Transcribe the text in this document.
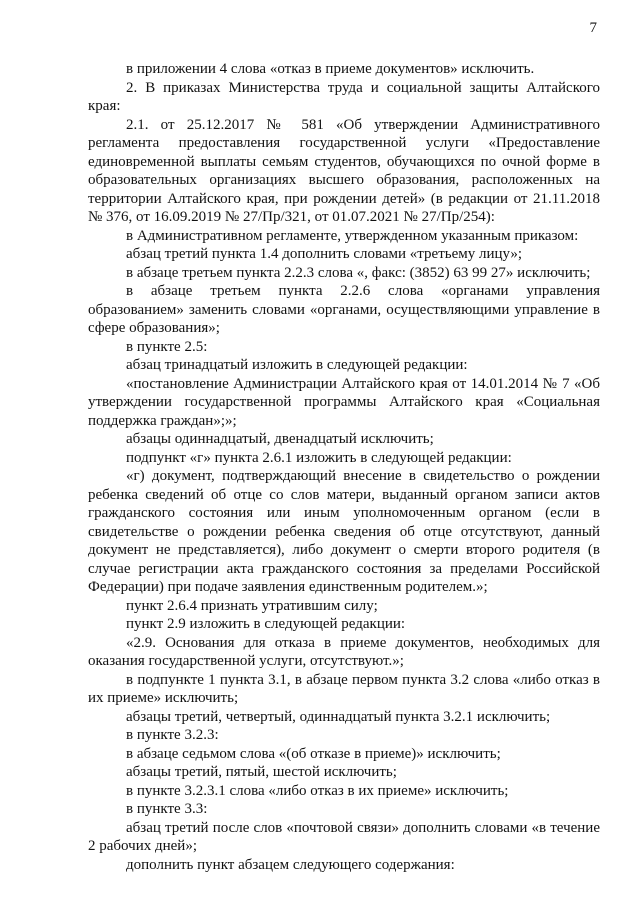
7

в приложении 4 слова «отказ в приеме документов» исключить.

2. В приказах Министерства труда и социальной защиты Алтайского края:

2.1. от 25.12.2017 № 581 «Об утверждении Административного регламента предоставления государственной услуги «Предоставление единовременной выплаты семьям студентов, обучающихся по очной форме в образовательных организациях высшего образования, расположенных на территории Алтайского края, при рождении детей» (в редакции от 21.11.2018 № 376, от 16.09.2019 № 27/Пр/321, от 01.07.2021 № 27/Пр/254):

в Административном регламенте, утвержденном указанным приказом:

абзац третий пункта 1.4 дополнить словами «третьему лицу»;

в абзаце третьем пункта 2.2.3 слова «, факс: (3852) 63 99 27» исключить;

в абзаце третьем пункта 2.2.6 слова «органами управления образованием» заменить словами «органами, осуществляющими управление в сфере образования»;

в пункте 2.5:

абзац тринадцатый изложить в следующей редакции:

«постановление Администрации Алтайского края от 14.01.2014 № 7 «Об утверждении государственной программы Алтайского края «Социальная поддержка граждан»;»;

абзацы одиннадцатый, двенадцатый исключить;

подпункт «г» пункта 2.6.1 изложить в следующей редакции:

«г) документ, подтверждающий внесение в свидетельство о рождении ребенка сведений об отце со слов матери, выданный органом записи актов гражданского состояния или иным уполномоченным органом (если в свидетельстве о рождении ребенка сведения об отце отсутствуют, данный документ не представляется), либо документ о смерти второго родителя (в случае регистрации акта гражданского состояния за пределами Российской Федерации) при подаче заявления единственным родителем.»;

пункт 2.6.4 признать утратившим силу;

пункт 2.9 изложить в следующей редакции:

«2.9. Основания для отказа в приеме документов, необходимых для оказания государственной услуги, отсутствуют.»;

в подпункте 1 пункта 3.1, в абзаце первом пункта 3.2 слова «либо отказ в их приеме» исключить;

абзацы третий, четвертый, одиннадцатый пункта 3.2.1 исключить;

в пункте 3.2.3:

в абзаце седьмом слова «(об отказе в приеме)» исключить;

абзацы третий, пятый, шестой исключить;

в пункте 3.2.3.1 слова «либо отказ в их приеме» исключить;

в пункте 3.3:

абзац третий после слов «почтовой связи» дополнить словами «в течение 2 рабочих дней»;

дополнить пункт абзацем следующего содержания:
